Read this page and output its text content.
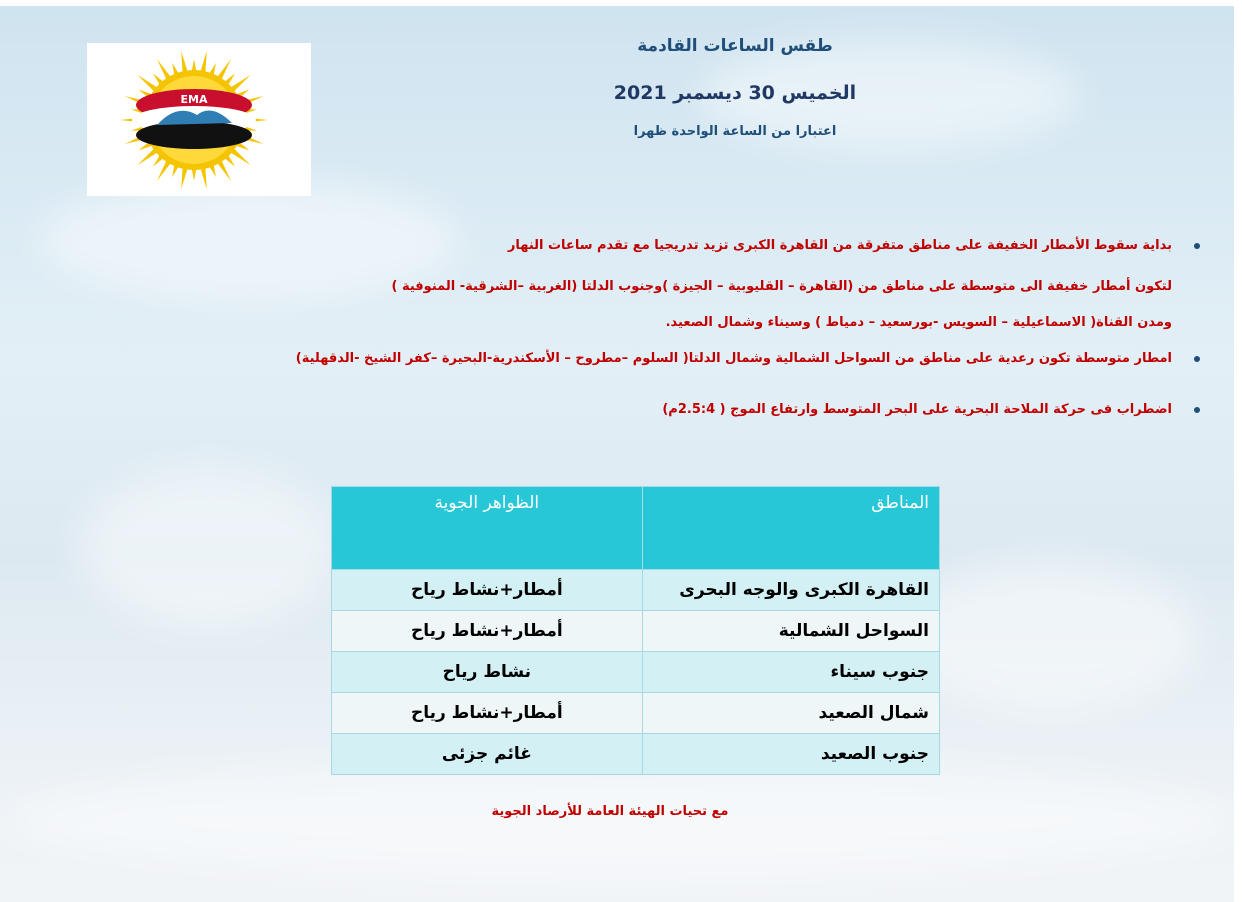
EMA
طقس الساعات القادمة
الخميس 30 ديسمبر 2021
اعتبارا من الساعة الواحدة ظهرا
بداية سقوط الأمطار الخفيفة على مناطق متفرقة من القاهرة الكبرى تزيد تدريجيا مع تقدم ساعات النهار
لتكون أمطار خفيفة الى متوسطة على مناطق من (القاهرة – القليوبية – الجيزة )وجنوب الدلتا (الغربية –الشرقية- المنوفية )
ومدن القناة( الاسماعيلية – السويس -بورسعيد – دمياط ) وسيناء وشمال الصعيد.
امطار متوسطة تكون رعدية على مناطق من السواحل الشمالية وشمال الدلتا( السلوم –مطروح – الأسكندرية-البحيرة –كفر الشيخ -الدقهلية)
اضطراب فى حركة الملاحة البحرية على البحر المتوسط وارتفاع الموج ( 2.5:4م)
المناطق	الظواهر الجوية
القاهرة الكبرى والوجه البحرى	أمطار+نشاط رياح
السواحل الشمالية	أمطار+نشاط رياح
جنوب سيناء	نشاط رياح
شمال الصعيد	أمطار+نشاط رياح
جنوب الصعيد	غائم جزئى
مع تحيات الهيئة العامة للأرصاد الجوية
